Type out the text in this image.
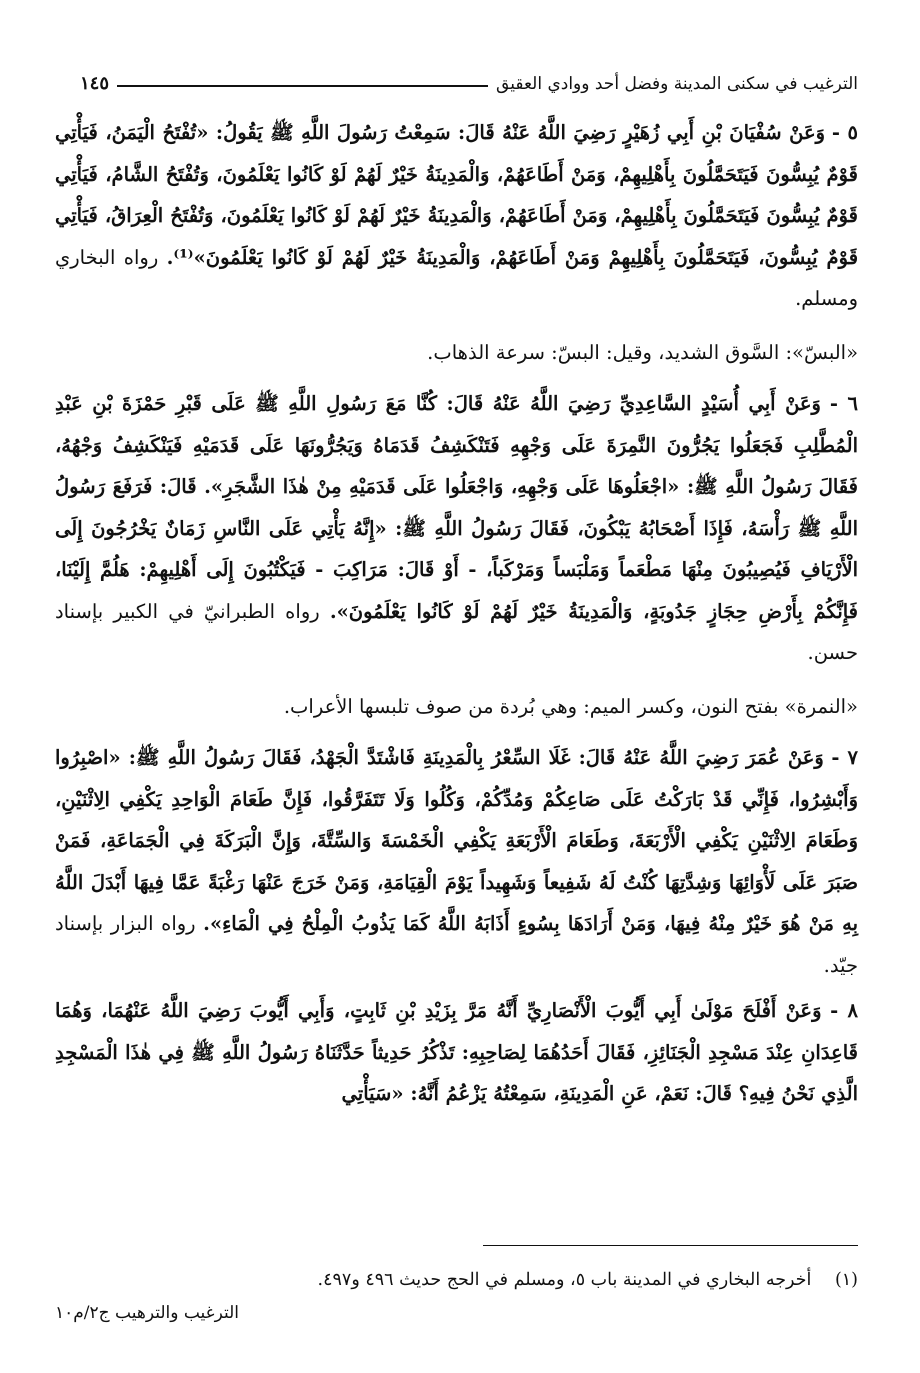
الترغيب في سكنى المدينة وفضل أحد ووادي العقيق
١٤٥

٥ - وَعَنْ سُفْيَانَ بْنِ أَبِي زُهَيْرٍ رَضِيَ اللَّهُ عَنْهُ قَالَ: سَمِعْتُ رَسُولَ اللَّهِ ﷺ يَقُولُ: «تُفْتَحُ الْيَمَنُ، فَيَأْتِي قَوْمٌ يُبِسُّونَ فَيَتَحَمَّلُونَ بِأَهْلِيهِمْ، وَمَنْ أَطَاعَهُمْ، وَالْمَدِينَةُ خَيْرٌ لَهُمْ لَوْ كَانُوا يَعْلَمُونَ، وَتُفْتَحُ الشَّامُ، فَيَأْتِي قَوْمٌ يُبِسُّونَ فَيَتَحَمَّلُونَ بِأَهْلِيهِمْ، وَمَنْ أَطَاعَهُمْ، وَالْمَدِينَةُ خَيْرٌ لَهُمْ لَوْ كَانُوا يَعْلَمُونَ، وَتُفْتَحُ الْعِرَاقُ، فَيَأْتِي قَوْمٌ يُبِسُّونَ، فَيَتَحَمَّلُونَ بِأَهْلِيهِمْ وَمَنْ أَطَاعَهُمْ، وَالْمَدِينَةُ خَيْرٌ لَهُمْ لَوْ كَانُوا يَعْلَمُونَ»⁽¹⁾. رواه البخاري ومسلم.

«البسّ»: السَّوق الشديد، وقيل: البسّ: سرعة الذهاب.

٦ - وَعَنْ أَبِي أُسَيْدٍ السَّاعِدِيِّ رَضِيَ اللَّهُ عَنْهُ قَالَ: كُنَّا مَعَ رَسُولِ اللَّهِ ﷺ عَلَى قَبْرِ حَمْزَةَ بْنِ عَبْدِ الْمُطَّلِبِ فَجَعَلُوا يَجُرُّونَ النَّمِرَةَ عَلَى وَجْهِهِ فَتَنْكَشِفُ قَدَمَاهُ وَيَجُرُّونَهَا عَلَى قَدَمَيْهِ فَيَنْكَشِفُ وَجْهُهُ، فَقَالَ رَسُولُ اللَّهِ ﷺ: «اجْعَلُوهَا عَلَى وَجْهِهِ، وَاجْعَلُوا عَلَى قَدَمَيْهِ مِنْ هٰذَا الشَّجَرِ». قَالَ: فَرَفَعَ رَسُولُ اللَّهِ ﷺ رَأْسَهُ، فَإِذَا أَصْحَابُهُ يَبْكُونَ، فَقَالَ رَسُولُ اللَّهِ ﷺ: «إِنَّهُ يَأْتِي عَلَى النَّاسِ زَمَانٌ يَخْرُجُونَ إِلَى الْأَرْيَافِ فَيُصِيبُونَ مِنْهَا مَطْعَماً وَمَلْبَساً وَمَرْكَباً، - أَوْ قَالَ: مَرَاكِبَ - فَيَكْتُبُونَ إِلَى أَهْلِيهِمْ: هَلُمَّ إِلَيْنَا، فَإِنَّكُمْ بِأَرْضِ حِجَازٍ جَدُوبَةٍ، وَالْمَدِينَةُ خَيْرٌ لَهُمْ لَوْ كَانُوا يَعْلَمُونَ». رواه الطبرانيّ في الكبير بإسناد حسن.

«النمرة» بفتح النون، وكسر الميم: وهي بُردة من صوف تلبسها الأعراب.

٧ - وَعَنْ عُمَرَ رَضِيَ اللَّهُ عَنْهُ قَالَ: غَلَا السِّعْرُ بِالْمَدِينَةِ فَاشْتَدَّ الْجَهْدُ، فَقَالَ رَسُولُ اللَّهِ ﷺ: «اصْبِرُوا وَأَبْشِرُوا، فَإِنِّي قَدْ بَارَكْتُ عَلَى صَاعِكُمْ وَمُدِّكُمْ، وَكُلُوا وَلَا تَتَفَرَّقُوا، فَإِنَّ طَعَامَ الْوَاحِدِ يَكْفِي الِاثْنَيْنِ، وَطَعَامَ الِاثْنَيْنِ يَكْفِي الْأَرْبَعَةَ، وَطَعَامَ الْأَرْبَعَةِ يَكْفِي الْخَمْسَةَ وَالسِّتَّةَ، وَإِنَّ الْبَرَكَةَ فِي الْجَمَاعَةِ، فَمَنْ صَبَرَ عَلَى لَأْوَائِهَا وَشِدَّتِهَا كُنْتُ لَهُ شَفِيعاً وَشَهِيداً يَوْمَ الْقِيَامَةِ، وَمَنْ خَرَجَ عَنْهَا رَغْبَةً عَمَّا فِيهَا أَبْدَلَ اللَّهُ بِهِ مَنْ هُوَ خَيْرٌ مِنْهُ فِيهَا، وَمَنْ أَرَادَهَا بِسُوءٍ أَذَابَهُ اللَّهُ كَمَا يَذُوبُ الْمِلْحُ فِي الْمَاءِ». رواه البزار بإسناد جيّد.

٨ - وَعَنْ أَفْلَحَ مَوْلَىٰ أَبِي أَيُّوبَ الْأَنْصَارِيِّ أَنَّهُ مَرَّ بِزَيْدِ بْنِ ثَابِتٍ، وَأَبِي أَيُّوبَ رَضِيَ اللَّهُ عَنْهُمَا، وَهُمَا قَاعِدَانِ عِنْدَ مَسْجِدِ الْجَنَائِزِ، فَقَالَ أَحَدُهُمَا لِصَاحِبِهِ: تَذْكُرُ حَدِيثاً حَدَّثَنَاهُ رَسُولُ اللَّهِ ﷺ فِي هٰذَا الْمَسْجِدِ الَّذِي نَحْنُ فِيهِ؟ قَالَ: نَعَمْ، عَنِ الْمَدِينَةِ، سَمِعْتُهُ يَزْعُمُ أَنَّهُ: «سَيَأْتِي

(١) أخرجه البخاري في المدينة باب ٥، ومسلم في الحج حديث ٤٩٦ و٤٩٧.
الترغيب والترهيب ج٢/م١٠
